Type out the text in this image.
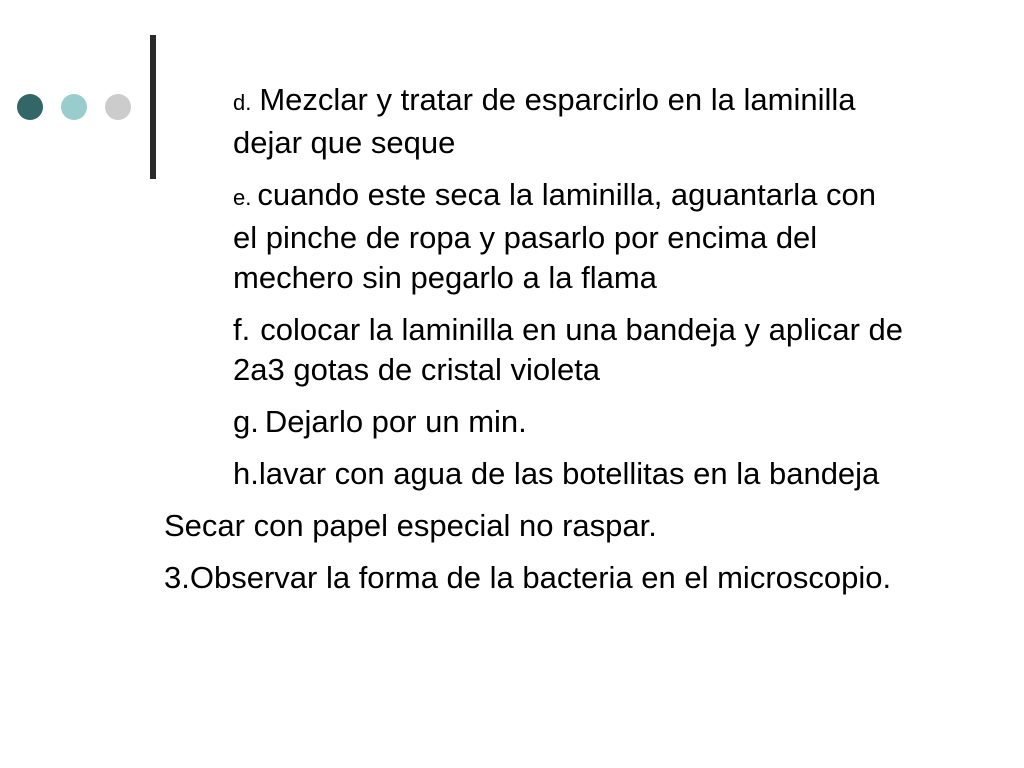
d. Mezclar y tratar de esparcirlo en la laminilla dejar que seque

e. cuando este seca la laminilla, aguantarla con el pinche de ropa y pasarlo por encima del mechero sin pegarlo a la flama

f. colocar la laminilla en una bandeja y aplicar de 2a3 gotas de cristal violeta

g. Dejarlo por un min.

h.lavar con agua de las botellitas en la bandeja

Secar con papel especial no raspar.

3.Observar la forma de la bacteria en el microscopio.
